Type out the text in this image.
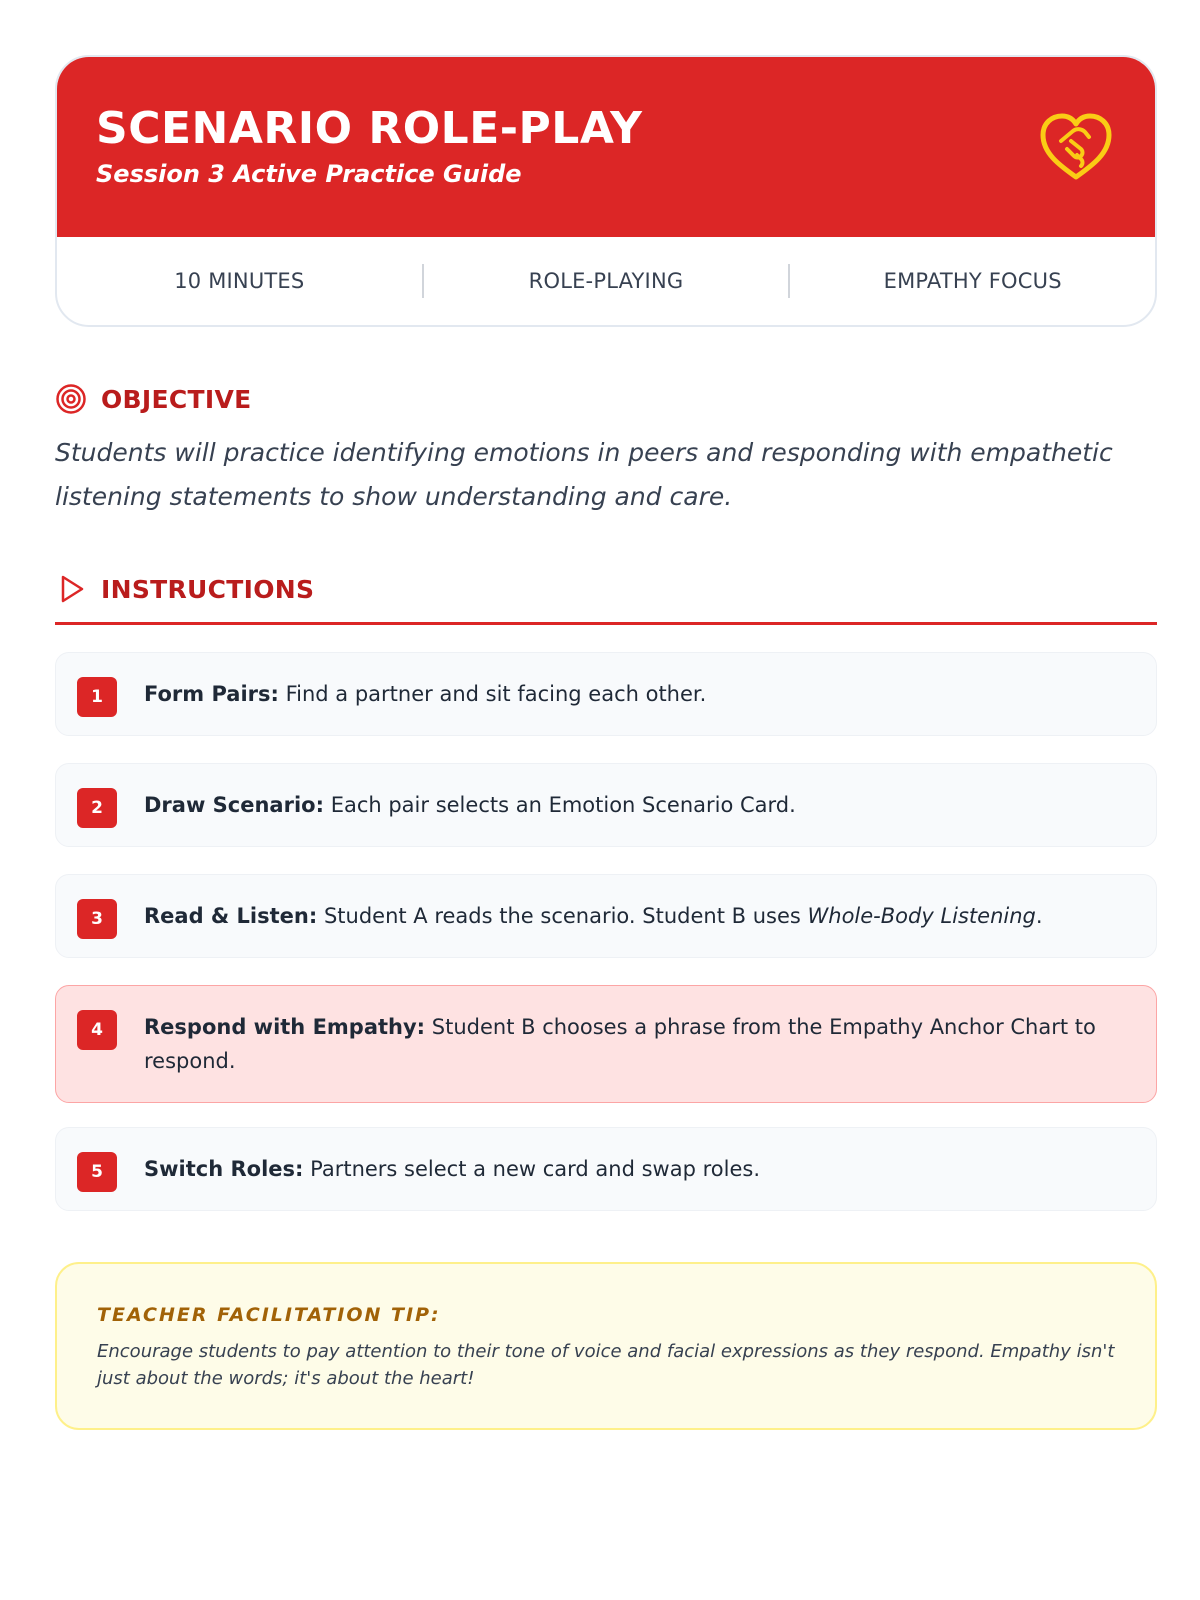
SCENARIO ROLE-PLAY
Session 3 Active Practice Guide
10 MINUTES	ROLE-PLAYING	EMPATHY FOCUS
OBJECTIVE
Students will practice identifying emotions in peers and responding with empathetic listening statements to show understanding and care.
INSTRUCTIONS
1	Form Pairs: Find a partner and sit facing each other.
2	Draw Scenario: Each pair selects an Emotion Scenario Card.
3	Read & Listen: Student A reads the scenario. Student B uses Whole-Body Listening.
4	Respond with Empathy: Student B chooses a phrase from the Empathy Anchor Chart to respond.
5	Switch Roles: Partners select a new card and swap roles.
TEACHER FACILITATION TIP:
Encourage students to pay attention to their tone of voice and facial expressions as they respond. Empathy isn't just about the words; it's about the heart!
